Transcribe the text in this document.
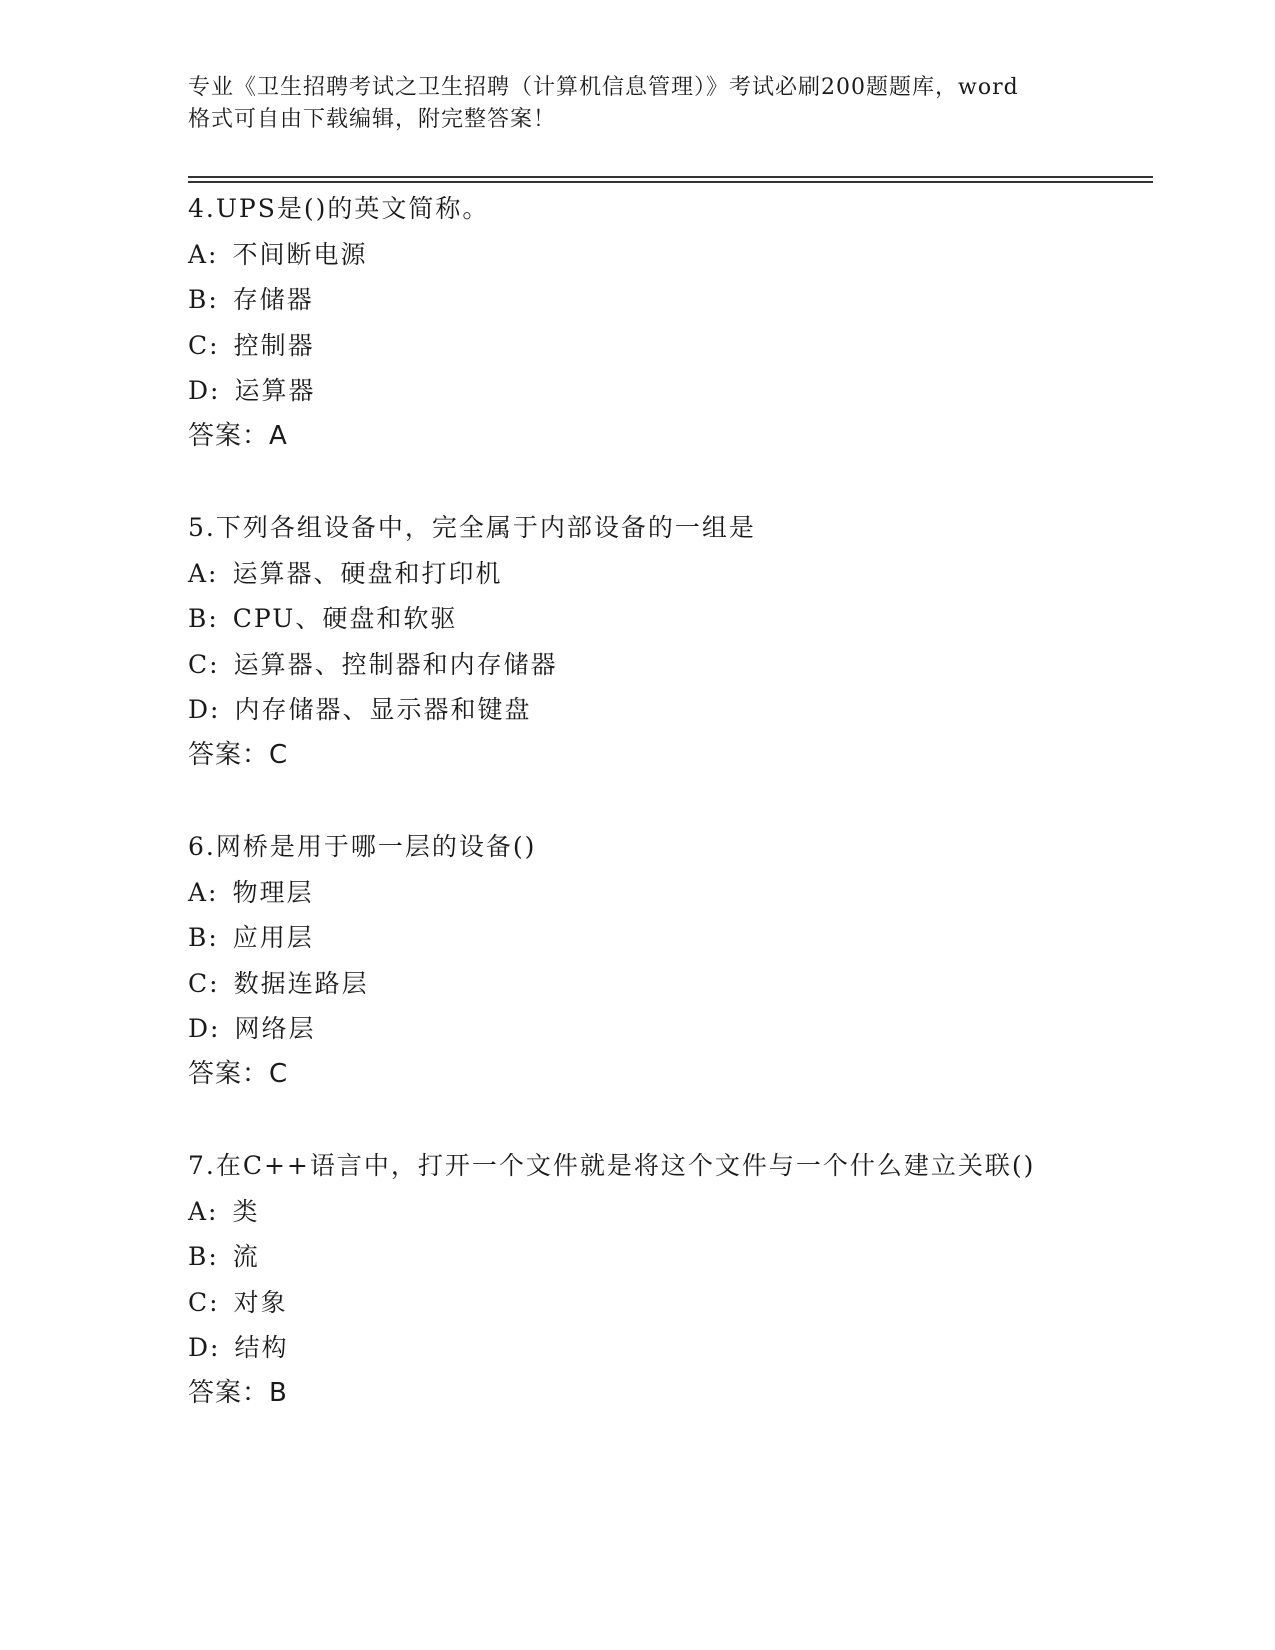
专业《卫生招聘考试之卫生招聘（计算机信息管理）》考试必刷200题题库，word
格式可自由下载编辑，附完整答案！
4.UPS是()的英文简称。
A: 不间断电源
B: 存储器
C: 控制器
D: 运算器
答案：A
5.下列各组设备中，完全属于内部设备的一组是
A: 运算器、硬盘和打印机
B: CPU、硬盘和软驱
C: 运算器、控制器和内存储器
D: 内存储器、显示器和键盘
答案：C
6.网桥是用于哪一层的设备()
A: 物理层
B: 应用层
C: 数据连路层
D: 网络层
答案：C
7.在C++语言中，打开一个文件就是将这个文件与一个什么建立关联()
A: 类
B: 流
C: 对象
D: 结构
答案：B
